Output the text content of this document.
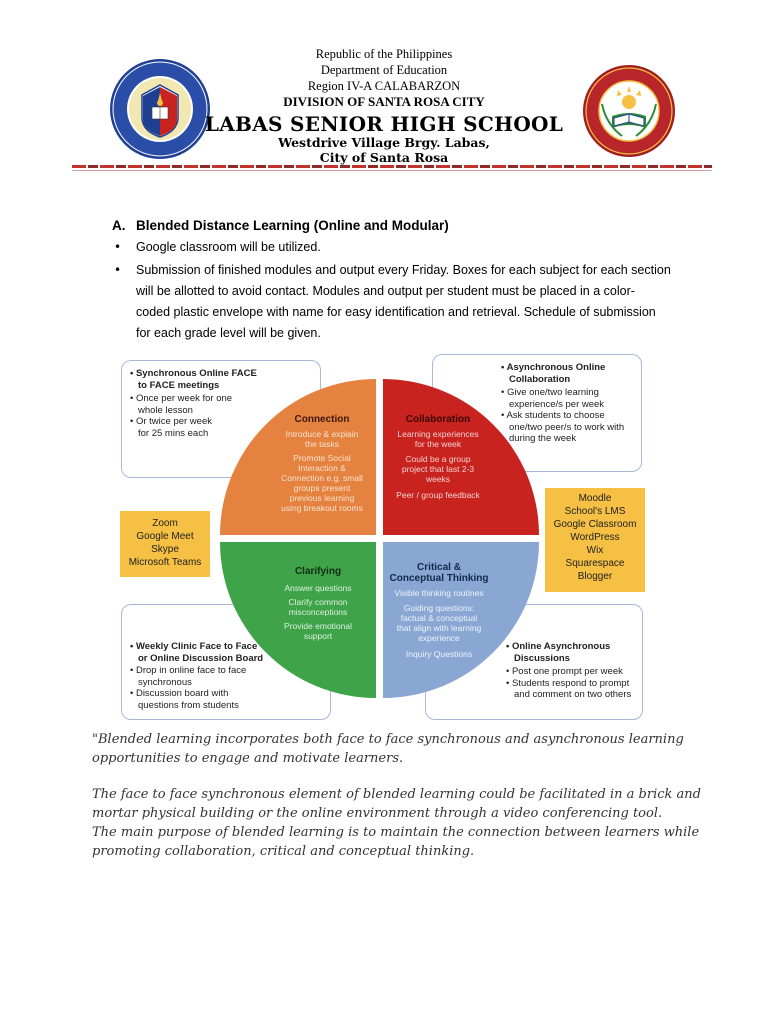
Republic of the Philippines
Department of Education
Region IV-A CALABARZON
DIVISION OF SANTA ROSA CITY
LABAS SENIOR HIGH SCHOOL
Westdrive Village Brgy. Labas,
City of Santa Rosa
A. Blended Distance Learning (Online and Modular)
• Google classroom will be utilized.
• Submission of finished modules and output every Friday. Boxes for each subject for each section
will be allotted to avoid contact. Modules and output per student must be placed in a color-
coded plastic envelope with name for easy identification and retrieval. Schedule of submission
for each grade level will be given.
• Synchronous Online FACE
to FACE meetings
• Once per week for one
whole lesson
• Or twice per week
for 25 mins each
• Asynchronous Online
Collaboration
• Give one/two learning
experience/s per week
• Ask students to choose
one/two peer/s to work with
during the week
• Weekly Clinic Face to Face
or Online Discussion Board
• Drop in online face to face
synchronous
• Discussion board with
questions from students
• Online Asynchronous
Discussions
• Post one prompt per week
• Students respond to prompt
and comment on two others
Zoom
Google Meet
Skype
Microsoft Teams
Moodle
School's LMS
Google Classroom
WordPress
Wix
Squarespace
Blogger
Connection
Introduce & explain
the tasks
Promote Social
Interaction &
Connection e.g. small
groups present
previous learning
using breakout rooms
Collaboration
Learning experiences
for the week
Could be a group
project that last 2-3
weeks
Peer / group feedback
Clarifying
Answer questions
Clarify common
misconceptions
Provide emotional
support
Critical &
Conceptual Thinking
Visible thinking routines
Guiding questions:
factual & conceptual
that align with learning
experience
Inquiry Questions
"Blended learning incorporates both face to face synchronous and asynchronous learning
opportunities to engage and motivate learners.
The face to face synchronous element of blended learning could be facilitated in a brick and
mortar physical building or the online environment through a video conferencing tool.
The main purpose of blended learning is to maintain the connection between learners while
promoting collaboration, critical and conceptual thinking.
